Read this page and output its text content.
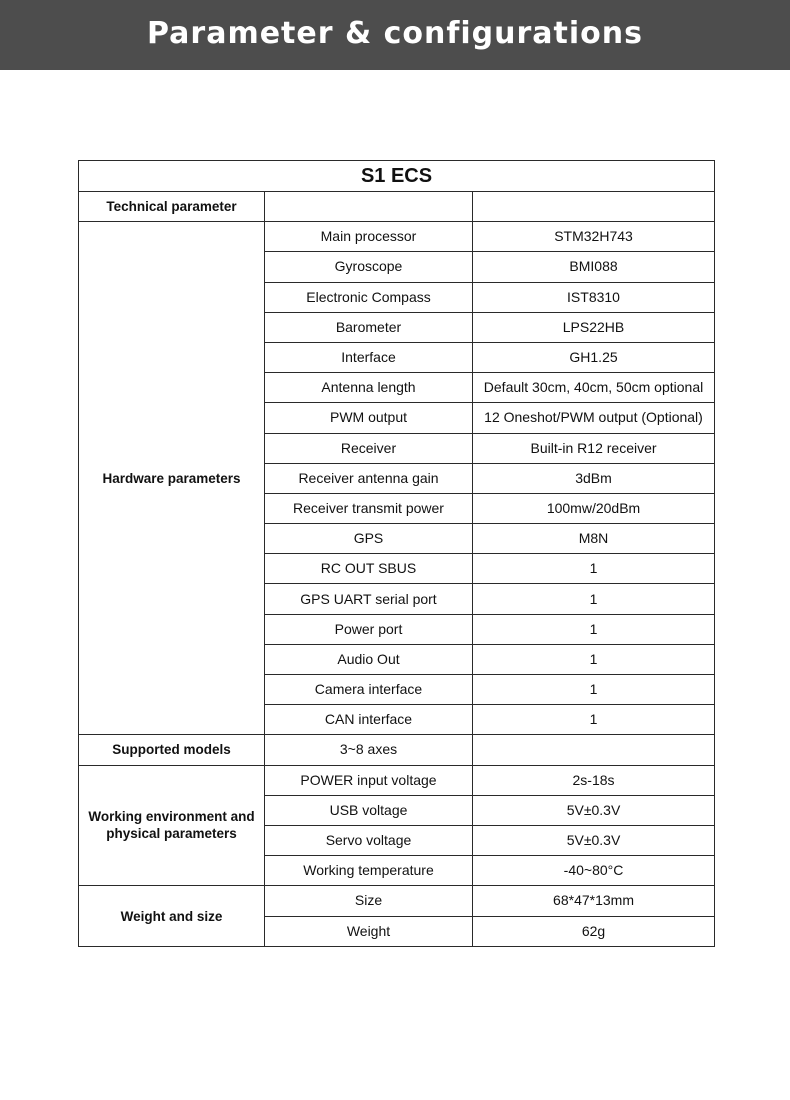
Parameter & configurations
S1 ECS		
Technical parameter		
Hardware parameters	Main processor	STM32H743
	Gyroscope	BMI088
	Electronic Compass	IST8310
	Barometer	LPS22HB
	Interface	GH1.25
	Antenna length	Default 30cm, 40cm, 50cm optional
	PWM output	12 Oneshot/PWM output (Optional)
	Receiver	Built-in R12 receiver
	Receiver antenna gain	3dBm
	Receiver transmit power	100mw/20dBm
	GPS	M8N
	RC OUT SBUS	1
	GPS UART serial port	1
	Power port	1
	Audio Out	1
	Camera interface	1
	CAN interface	1
Supported models	3~8 axes	
Working environment and physical parameters	POWER input voltage	2s-18s
	USB voltage	5V±0.3V
	Servo voltage	5V±0.3V
	Working temperature	-40~80°C
Weight and size	Size	68*47*13mm
	Weight	62g
